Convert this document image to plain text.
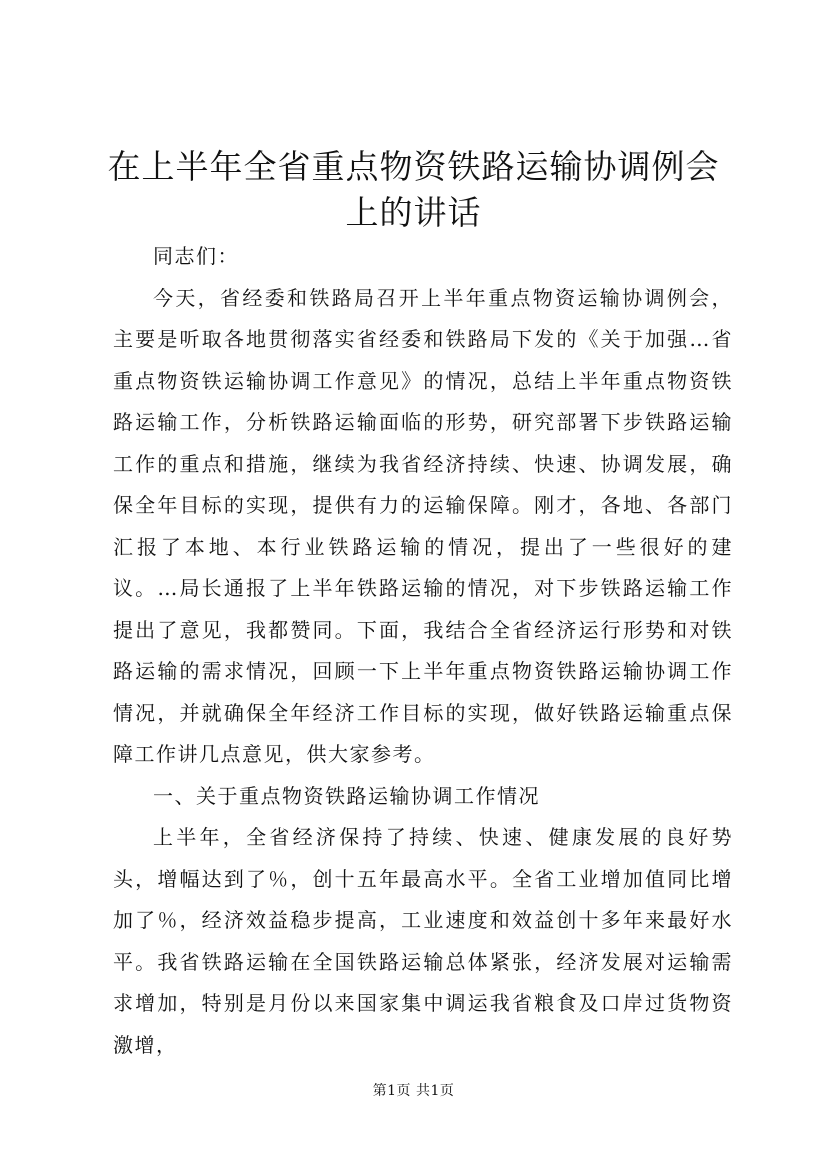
在上半年全省重点物资铁路运输协调例会上的讲话

同志们：

今天，省经委和铁路局召开上半年重点物资运输协调例会，主要是听取各地贯彻落实省经委和铁路局下发的《关于加强…省重点物资铁运输协调工作意见》的情况，总结上半年重点物资铁路运输工作，分析铁路运输面临的形势，研究部署下步铁路运输工作的重点和措施，继续为我省经济持续、快速、协调发展，确保全年目标的实现，提供有力的运输保障。刚才，各地、各部门汇报了本地、本行业铁路运输的情况，提出了一些很好的建议。…局长通报了上半年铁路运输的情况，对下步铁路运输工作提出了意见，我都赞同。下面，我结合全省经济运行形势和对铁路运输的需求情况，回顾一下上半年重点物资铁路运输协调工作情况，并就确保全年经济工作目标的实现，做好铁路运输重点保障工作讲几点意见，供大家参考。

一、关于重点物资铁路运输协调工作情况

上半年，全省经济保持了持续、快速、健康发展的良好势头，增幅达到了％，创十五年最高水平。全省工业增加值同比增加了％，经济效益稳步提高，工业速度和效益创十多年来最好水平。我省铁路运输在全国铁路运输总体紧张，经济发展对运输需求增加，特别是月份以来国家集中调运我省粮食及口岸过货物资激增，

第1页 共1页
